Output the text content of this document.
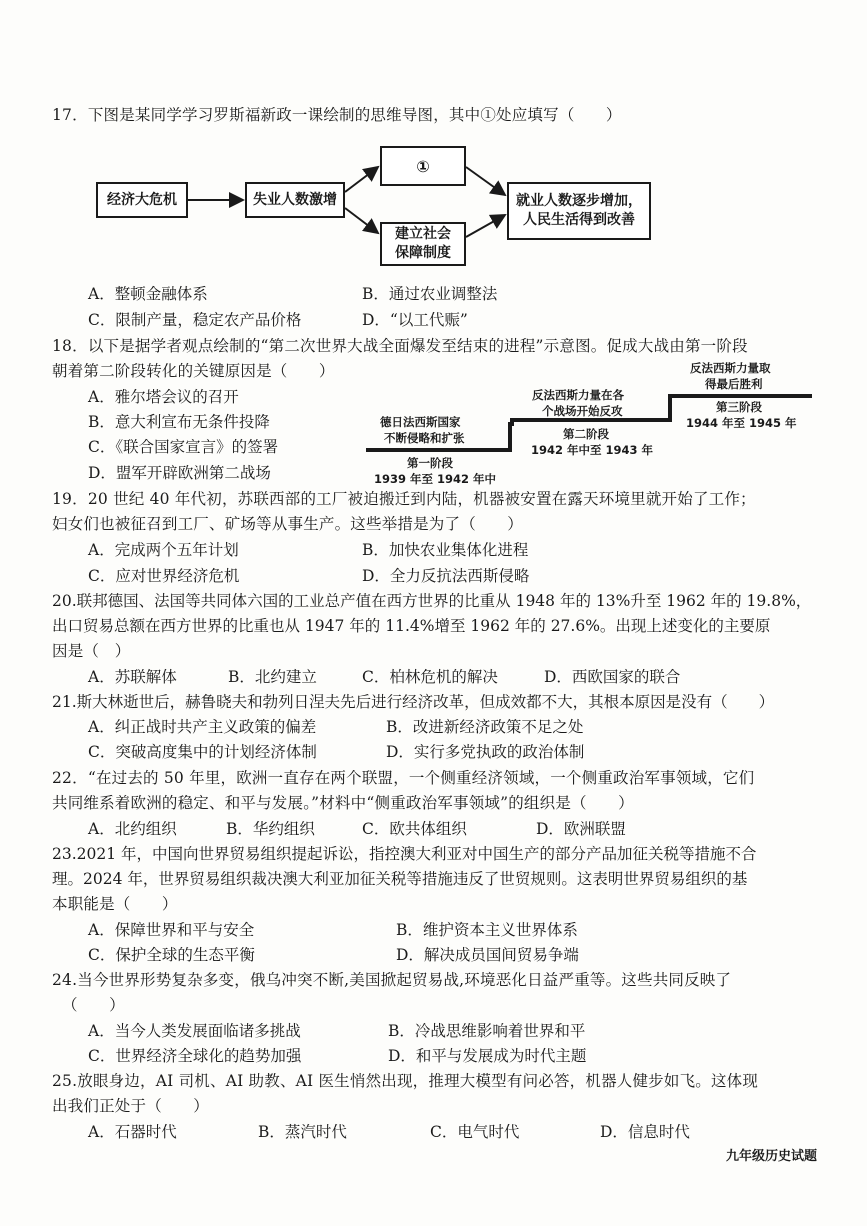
17．下图是某同学学习罗斯福新政一课绘制的思维导图，其中①处应填写（　　）
经济大危机	失业人数激增
①
建立社会
保障制度
就业人数逐步增加，
人民生活得到改善
A．整顿金融体系	B．通过农业调整法
C．限制产量，稳定农产品价格	D．“以工代赈”
18．以下是据学者观点绘制的“第二次世界大战全面爆发至结束的进程”示意图。促成大战由第一阶段
朝着第二阶段转化的关键原因是（　　）
A．雅尔塔会议的召开
B．意大利宣布无条件投降
C．《联合国家宣言》的签署
D．盟军开辟欧洲第二战场
德日法西斯国家
不断侵略和扩张
第一阶段
1939 年至 1942 年中
反法西斯力量在各
个战场开始反攻
第二阶段
1942 年中至 1943 年
反法西斯力量取
得最后胜利
第三阶段
1944 年至 1945 年
19．20 世纪 40 年代初，苏联西部的工厂被迫搬迁到内陆，机器被安置在露天环境里就开始了工作；
妇女们也被征召到工厂、矿场等从事生产。这些举措是为了（　　）
A．完成两个五年计划	B．加快农业集体化进程
C．应对世界经济危机	D．全力反抗法西斯侵略
20.联邦德国、法国等共同体六国的工业总产值在西方世界的比重从 1948 年的 13%升至 1962 年的 19.8%，
出口贸易总额在西方世界的比重也从 1947 年的 11.4%增至 1962 年的 27.6%。出现上述变化的主要原
因是（　）
A．苏联解体	B．北约建立	C．柏林危机的解决	D．西欧国家的联合
21.斯大林逝世后，赫鲁晓夫和勃列日涅夫先后进行经济改革，但成效都不大，其根本原因是没有（　　）
A．纠正战时共产主义政策的偏差	B．改进新经济政策不足之处
C．突破高度集中的计划经济体制	D．实行多党执政的政治体制
22．“在过去的 50 年里，欧洲一直存在两个联盟，一个侧重经济领域，一个侧重政治军事领域，它们
共同维系着欧洲的稳定、和平与发展。”材料中“侧重政治军事领域”的组织是（　　）
A．北约组织	B．华约组织	C．欧共体组织	D．欧洲联盟
23.2021 年，中国向世界贸易组织提起诉讼，指控澳大利亚对中国生产的部分产品加征关税等措施不合
理。2024 年，世界贸易组织裁决澳大利亚加征关税等措施违反了世贸规则。这表明世界贸易组织的基
本职能是（　　）
A．保障世界和平与安全	B．维护资本主义世界体系
C．保护全球的生态平衡	D．解决成员国间贸易争端
24.当今世界形势复杂多变，俄乌冲突不断,美国掀起贸易战,环境恶化日益严重等。这些共同反映了
（　　）
A．当今人类发展面临诸多挑战	B．冷战思维影响着世界和平
C．世界经济全球化的趋势加强	D．和平与发展成为时代主题
25.放眼身边，AI 司机、AI 助教、AI 医生悄然出现，推理大模型有问必答，机器人健步如飞。这体现
出我们正处于（　　）
A．石器时代	B．蒸汽时代	C．电气时代	D．信息时代
九年级历史试题
